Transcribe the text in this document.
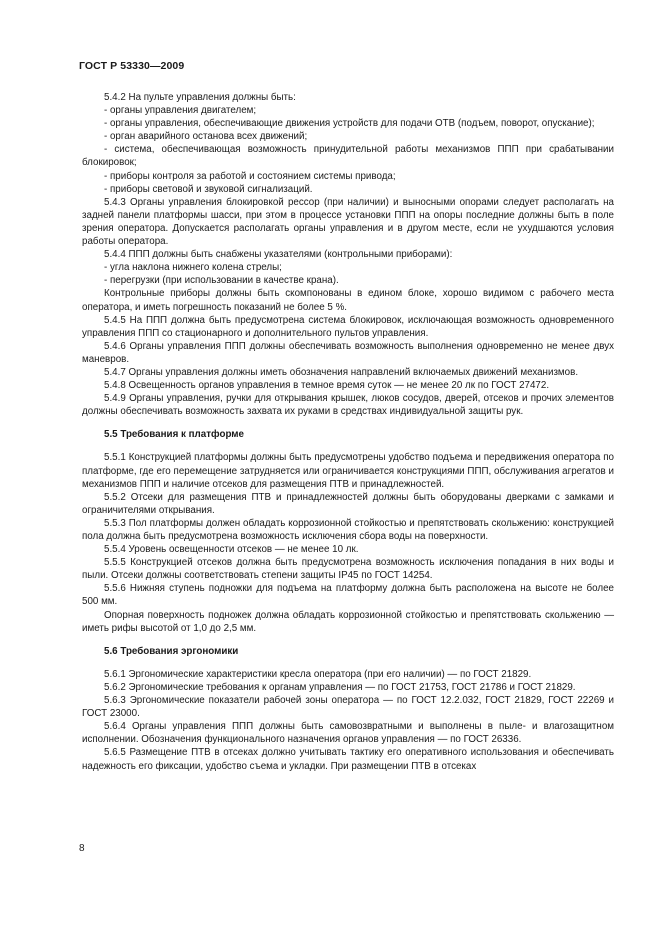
ГОСТ Р 53330—2009

5.4.2 На пульте управления должны быть:

- органы управления двигателем;

- органы управления, обеспечивающие движения устройств для подачи ОТВ (подъем, поворот, опускание);

- орган аварийного останова всех движений;

- система, обеспечивающая возможность принудительной работы механизмов ППП при срабатывании блокировок;

- приборы контроля за работой и состоянием системы привода;

- приборы световой и звуковой сигнализаций.

5.4.3 Органы управления блокировкой рессор (при наличии) и выносными опорами следует располагать на задней панели платформы шасси, при этом в процессе установки ППП на опоры последние должны быть в поле зрения оператора. Допускается располагать органы управления и в другом месте, если не ухудшаются условия работы оператора.

5.4.4 ППП должны быть снабжены указателями (контрольными приборами):

- угла наклона нижнего колена стрелы;

- перегрузки (при использовании в качестве крана).

Контрольные приборы должны быть скомпонованы в едином блоке, хорошо видимом с рабочего места оператора, и иметь погрешность показаний не более 5 %.

5.4.5 На ППП должна быть предусмотрена система блокировок, исключающая возможность одновременного управления ППП со стационарного и дополнительного пультов управления.

5.4.6 Органы управления ППП должны обеспечивать возможность выполнения одновременно не менее двух маневров.

5.4.7 Органы управления должны иметь обозначения направлений включаемых движений механизмов.

5.4.8 Освещенность органов управления в темное время суток — не менее 20 лк по ГОСТ 27472.

5.4.9 Органы управления, ручки для открывания крышек, люков сосудов, дверей, отсеков и прочих элементов должны обеспечивать возможность захвата их руками в средствах индивидуальной защиты рук.

5.5 Требования к платформе

5.5.1 Конструкцией платформы должны быть предусмотрены удобство подъема и передвижения оператора по платформе, где его перемещение затрудняется или ограничивается конструкциями ППП, обслуживания агрегатов и механизмов ППП и наличие отсеков для размещения ПТВ и принадлежностей.

5.5.2 Отсеки для размещения ПТВ и принадлежностей должны быть оборудованы дверками с замками и ограничителями открывания.

5.5.3 Пол платформы должен обладать коррозионной стойкостью и препятствовать скольжению: конструкцией пола должна быть предусмотрена возможность исключения сбора воды на поверхности.

5.5.4 Уровень освещенности отсеков — не менее 10 лк.

5.5.5 Конструкцией отсеков должна быть предусмотрена возможность исключения попадания в них воды и пыли. Отсеки должны соответствовать степени защиты IP45 по ГОСТ 14254.

5.5.6 Нижняя ступень подножки для подъема на платформу должна быть расположена на высоте не более 500 мм.

Опорная поверхность подножек должна обладать коррозионной стойкостью и препятствовать скольжению — иметь рифы высотой от 1,0 до 2,5 мм.

5.6 Требования эргономики

5.6.1 Эргономические характеристики кресла оператора (при его наличии) — по ГОСТ 21829.

5.6.2 Эргономические требования к органам управления — по ГОСТ 21753, ГОСТ 21786 и ГОСТ 21829.

5.6.3 Эргономические показатели рабочей зоны оператора — по ГОСТ 12.2.032, ГОСТ 21829, ГОСТ 22269 и ГОСТ 23000.

5.6.4 Органы управления ППП должны быть самовозвратными и выполнены в пыле- и влагозащитном исполнении. Обозначения функционального назначения органов управления — по ГОСТ 26336.

5.6.5 Размещение ПТВ в отсеках должно учитывать тактику его оперативного использования и обеспечивать надежность его фиксации, удобство съема и укладки. При размещении ПТВ в отсеках

8
